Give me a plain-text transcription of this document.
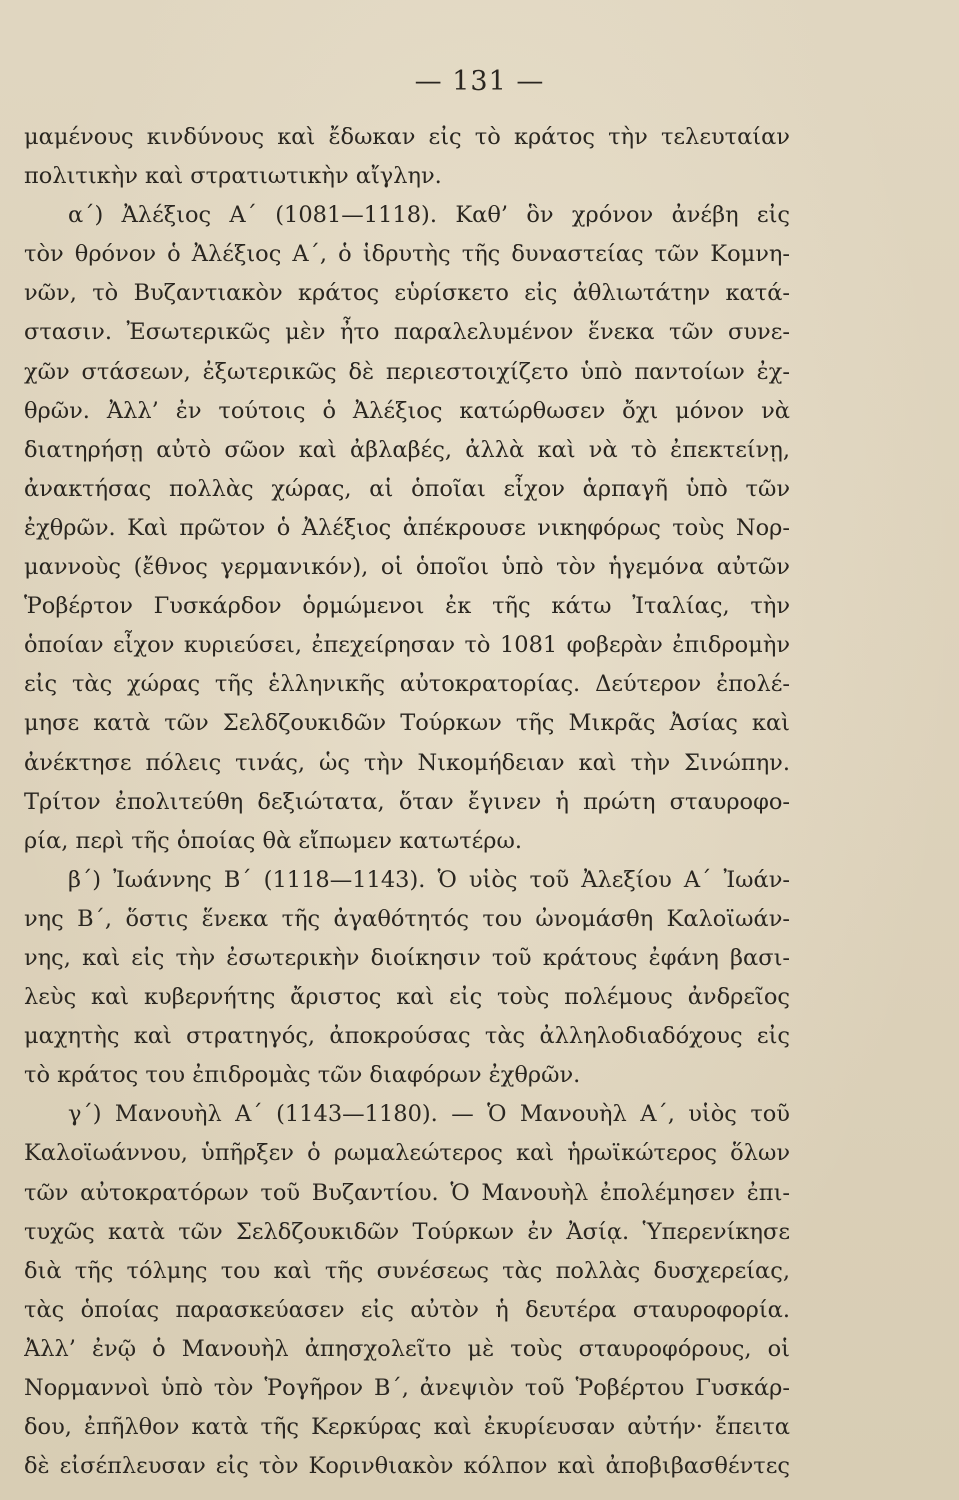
— 131 —
μαμένους κινδύνους καὶ ἔδωκαν εἰς τὸ κράτος τὴν τελευταίαν
πολιτικὴν καὶ στρατιωτικὴν αἴγλην.
α΄) Ἀλέξιος Α΄ (1081—1118). Καθ’ ὃν χρόνον ἀνέβη εἰς
τὸν θρόνον ὁ Ἀλέξιος Α΄, ὁ ἱδρυτὴς τῆς δυναστείας τῶν Κομνη-
νῶν, τὸ Βυζαντιακὸν κράτος εὑρίσκετο εἰς ἀθλιωτάτην κατά-
στασιν. Ἐσωτερικῶς μὲν ἦτο παραλελυμένον ἕνεκα τῶν συνε-
χῶν στάσεων, ἐξωτερικῶς δὲ περιεστοιχίζετο ὑπὸ παντοίων ἐχ-
θρῶν. Ἀλλ’ ἐν τούτοις ὁ Ἀλέξιος κατώρθωσεν ὄχι μόνον νὰ
διατηρήσῃ αὐτὸ σῶον καὶ ἀβλαβές, ἀλλὰ καὶ νὰ τὸ ἐπεκτείνῃ,
ἀνακτήσας πολλὰς χώρας, αἱ ὁποῖαι εἶχον ἁρπαγῆ ὑπὸ τῶν
ἐχθρῶν. Καὶ πρῶτον ὁ Ἀλέξιος ἀπέκρουσε νικηφόρως τοὺς Νορ-
μαννοὺς (ἔθνος γερμανικόν), οἱ ὁποῖοι ὑπὸ τὸν ἡγεμόνα αὐτῶν
Ῥοβέρτον Γυσκάρδον ὁρμώμενοι ἐκ τῆς κάτω Ἰταλίας, τὴν
ὁποίαν εἶχον κυριεύσει, ἐπεχείρησαν τὸ 1081 φοβερὰν ἐπιδρομὴν
εἰς τὰς χώρας τῆς ἑλληνικῆς αὐτοκρατορίας. Δεύτερον ἐπολέ-
μησε κατὰ τῶν Σελδζουκιδῶν Τούρκων τῆς Μικρᾶς Ἀσίας καὶ
ἀνέκτησε πόλεις τινάς, ὡς τὴν Νικομήδειαν καὶ τὴν Σινώπην.
Τρίτον ἐπολιτεύθη δεξιώτατα, ὅταν ἔγινεν ἡ πρώτη σταυροφο-
ρία, περὶ τῆς ὁποίας θὰ εἴπωμεν κατωτέρω.
β΄) Ἰωάννης Β΄ (1118—1143). Ὁ υἱὸς τοῦ Ἀλεξίου Α΄ Ἰωάν-
νης Β΄, ὅστις ἕνεκα τῆς ἀγαθότητός του ὠνομάσθη Καλοϊωάν-
νης, καὶ εἰς τὴν ἐσωτερικὴν διοίκησιν τοῦ κράτους ἐφάνη βασι-
λεὺς καὶ κυβερνήτης ἄριστος καὶ εἰς τοὺς πολέμους ἀνδρεῖος
μαχητὴς καὶ στρατηγός, ἀποκρούσας τὰς ἀλληλοδιαδόχους εἰς
τὸ κράτος του ἐπιδρομὰς τῶν διαφόρων ἐχθρῶν.
γ΄) Μανουὴλ Α΄ (1143—1180). — Ὁ Μανουὴλ Α΄, υἱὸς τοῦ
Καλοϊωάννου, ὑπῆρξεν ὁ ρωμαλεώτερος καὶ ἡρωϊκώτερος ὅλων
τῶν αὐτοκρατόρων τοῦ Βυζαντίου. Ὁ Μανουὴλ ἐπολέμησεν ἐπι-
τυχῶς κατὰ τῶν Σελδζουκιδῶν Τούρκων ἐν Ἀσίᾳ. Ὑπερενίκησε
διὰ τῆς τόλμης του καὶ τῆς συνέσεως τὰς πολλὰς δυσχερείας,
τὰς ὁποίας παρασκεύασεν εἰς αὐτὸν ἡ δευτέρα σταυροφορία.
Ἀλλ’ ἐνῷ ὁ Μανουὴλ ἀπησχολεῖτο μὲ τοὺς σταυροφόρους, οἱ
Νορμαννοὶ ὑπὸ τὸν Ῥογῆρον Β΄, ἀνεψιὸν τοῦ Ῥοβέρτου Γυσκάρ-
δου, ἐπῆλθον κατὰ τῆς Κερκύρας καὶ ἐκυρίευσαν αὐτήν· ἔπειτα
δὲ εἰσέπλευσαν εἰς τὸν Κορινθιακὸν κόλπον καὶ ἀποβιβασθέντες
